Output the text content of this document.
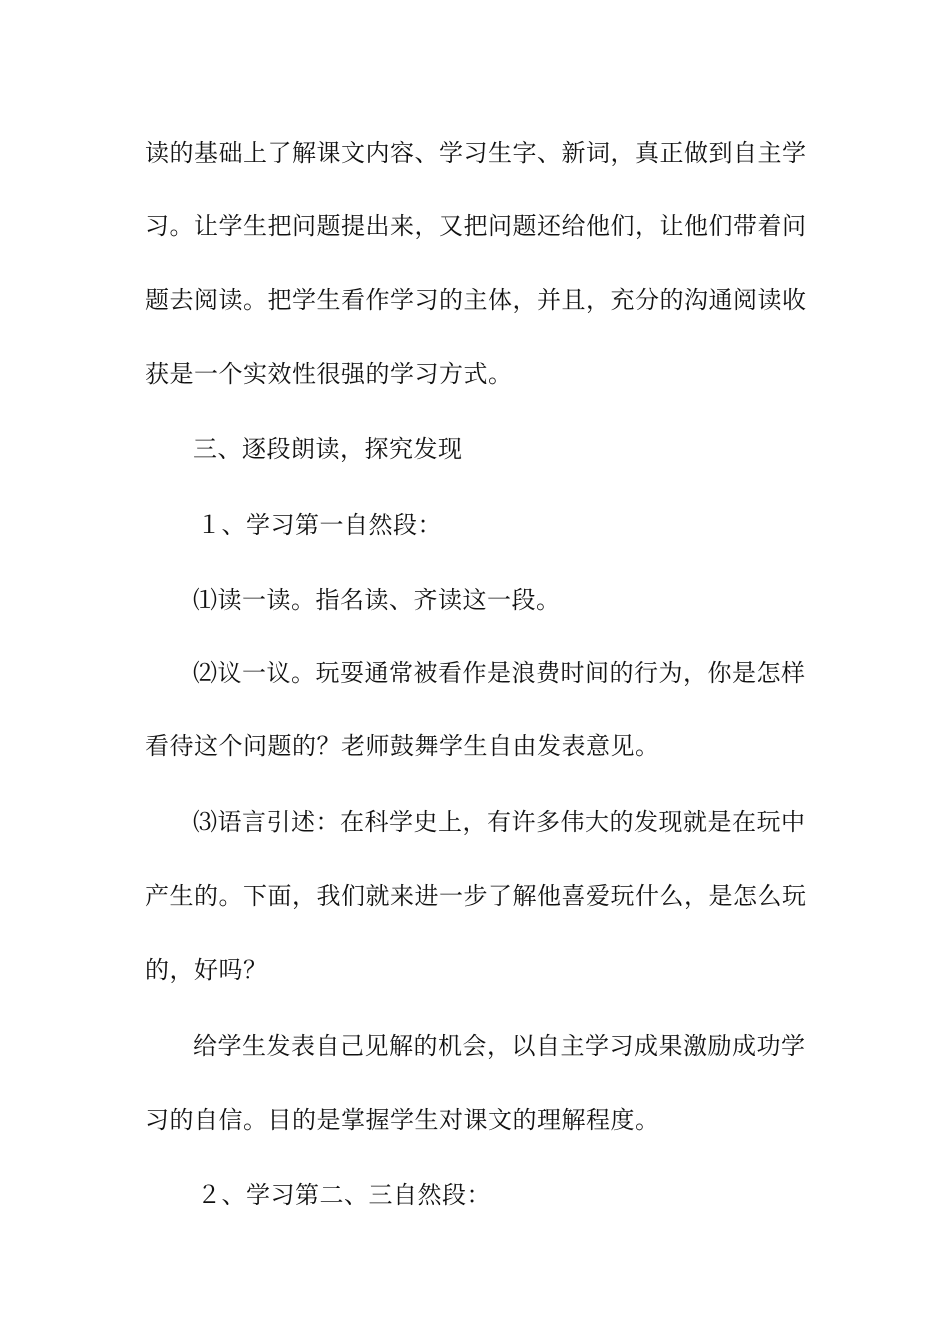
读的基础上了解课文内容、学习生字、新词，真正做到自主学
习。让学生把问题提出来，又把问题还给他们，让他们带着问
题去阅读。把学生看作学习的主体，并且，充分的沟通阅读收
获是一个实效性很强的学习方式。
三、逐段朗读，探究发现
１、学习第一自然段：
⑴读一读。指名读、齐读这一段。
⑵议一议。玩耍通常被看作是浪费时间的行为，你是怎样
看待这个问题的？老师鼓舞学生自由发表意见。
⑶语言引述：在科学史上，有许多伟大的发现就是在玩中
产生的。下面，我们就来进一步了解他喜爱玩什么，是怎么玩
的，好吗？
给学生发表自己见解的机会，以自主学习成果激励成功学
习的自信。目的是掌握学生对课文的理解程度。
２、学习第二、三自然段：
